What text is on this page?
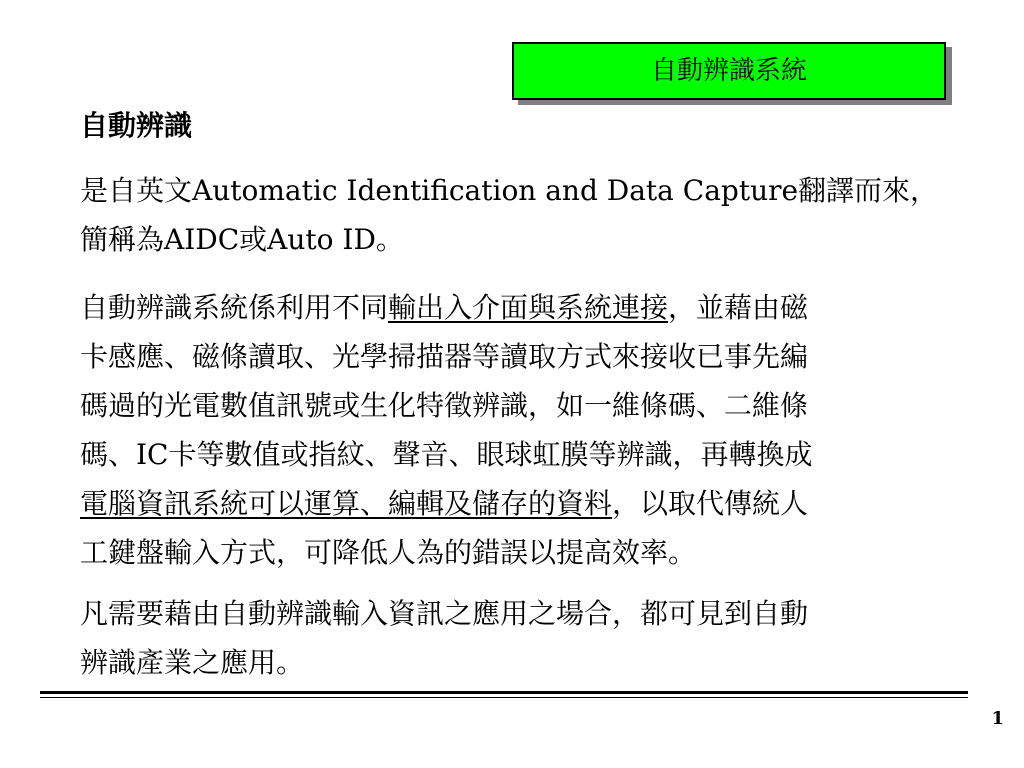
自動辨識系統
自動辨識
是自英文Automatic Identification and Data Capture翻譯而來，
簡稱為AIDC或Auto ID。
自動辨識系統係利用不同輸出入介面與系統連接，並藉由磁
卡感應、磁條讀取、光學掃描器等讀取方式來接收已事先編
碼過的光電數值訊號或生化特徵辨識，如一維條碼、二維條
碼、IC卡等數值或指紋、聲音、眼球虹膜等辨識，再轉換成
電腦資訊系統可以運算、編輯及儲存的資料，以取代傳統人
工鍵盤輸入方式，可降低人為的錯誤以提高效率。
凡需要藉由自動辨識輸入資訊之應用之場合，都可見到自動
辨識產業之應用。
1
